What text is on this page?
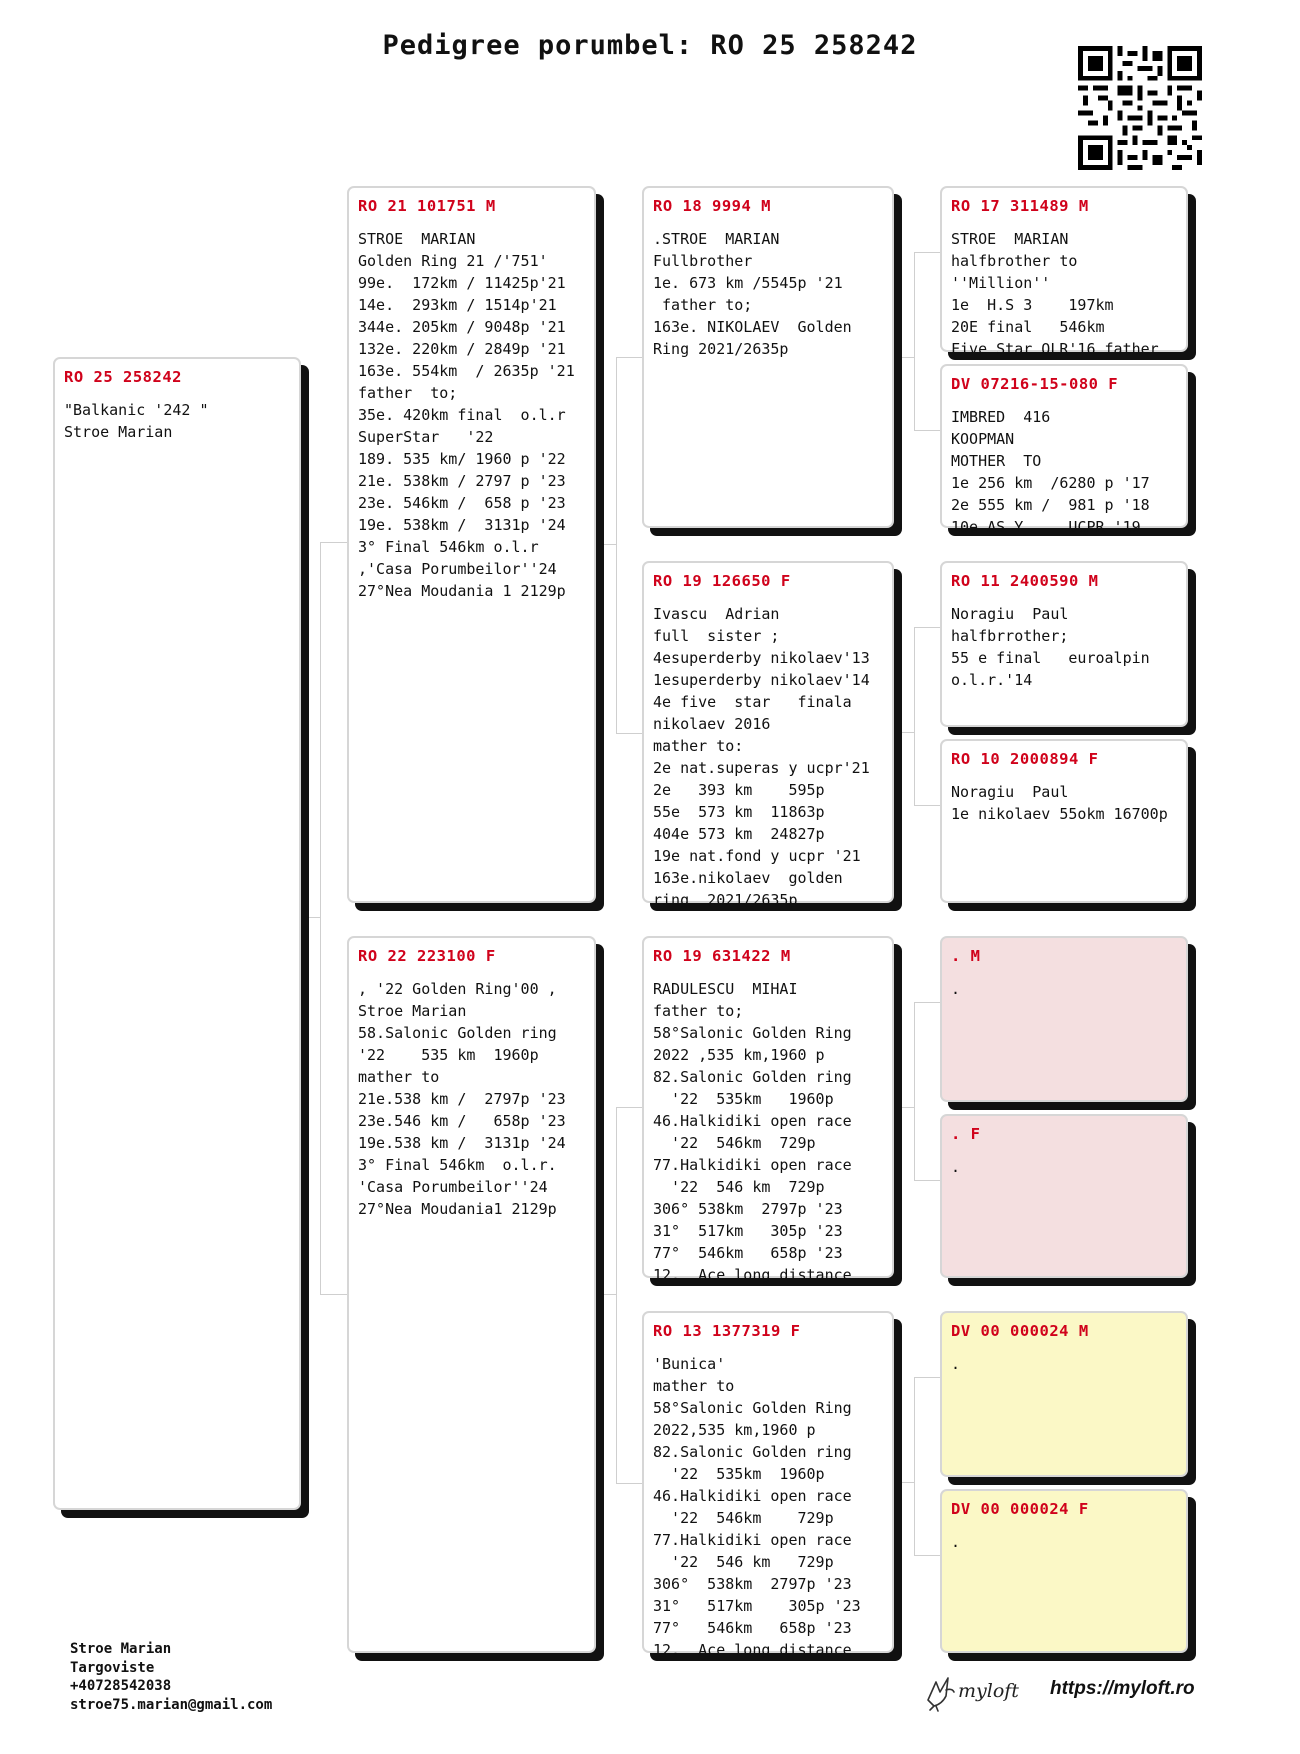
Pedigree porumbel: RO 25 258242
RO 25 258242
"Balkanic '242 "
Stroe Marian
RO 21 101751 M
STROE  MARIAN
Golden Ring 21 /'751'
99e.  172km / 11425p'21
14e.  293km / 1514p'21
344e. 205km / 9048p '21
132e. 220km / 2849p '21
163e. 554km  / 2635p '21
father  to;
35e. 420km final  o.l.r
SuperStar   '22
189. 535 km/ 1960 p '22
21e. 538km / 2797 p '23
23e. 546km /  658 p '23
19e. 538km /  3131p '24
3° Final 546km o.l.r
,'Casa Porumbeilor''24
27°Nea Moudania 1 2129p
RO 22 223100 F
, '22 Golden Ring'00 ,
Stroe Marian
58.Salonic Golden ring
'22    535 km  1960p
mather to
21e.538 km /  2797p '23
23e.546 km /   658p '23
19e.538 km /  3131p '24
3° Final 546km  o.l.r.
'Casa Porumbeilor''24
27°Nea Moudania1 2129p
RO 18 9994 M
.STROE  MARIAN
Fullbrother
1e. 673 km /5545p '21
father to;
163e. NIKOLAEV  Golden
Ring 2021/2635p
RO 19 126650 F
Ivascu  Adrian
full  sister ;
4esuperderby nikolaev'13
1esuperderby nikolaev'14
4e five  star   finala
nikolaev 2016
mather to:
2e nat.superas y ucpr'21
2e   393 km    595p
55e  573 km  11863p
404e 573 km  24827p
19e nat.fond y ucpr '21
163e.nikolaev  golden
ring  2021/2635p
RO 19 631422 M
RADULESCU  MIHAI
father to;
58°Salonic Golden Ring
2022 ,535 km,1960 p
82.Salonic Golden ring
'22  535km   1960p
46.Halkidiki open race
'22  546km  729p
77.Halkidiki open race
'22  546 km  729p
306° 538km  2797p '23
31°  517km   305p '23
77°  546km   658p '23
12.  Ace long distance
RO 13 1377319 F
'Bunica'
mather to
58°Salonic Golden Ring
2022,535 km,1960 p
82.Salonic Golden ring
'22  535km  1960p
46.Halkidiki open race
'22  546km    729p
77.Halkidiki open race
'22  546 km   729p
306°  538km  2797p '23
31°   517km    305p '23
77°   546km   658p '23
12.  Ace long distance
RO 17 311489 M
STROE  MARIAN
halfbrother to
''Million''
1e  H.S 3    197km
20E final   546km
Five Star OLR'16 father
DV 07216-15-080 F
IMBRED  416
KOOPMAN
MOTHER  TO
1e 256 km  /6280 p '17
2e 555 km /  981 p '18
10e AS Y     UCPR '19
RO 11 2400590 M
Noragiu  Paul
halfbrrother;
55 e final   euroalpin
o.l.r.'14
RO 10 2000894 F
Noragiu  Paul
1e nikolaev 55okm 16700p
. M
.
. F
.
DV 00 000024 M
.
DV 00 000024 F
.
Stroe Marian
Targoviste
+40728542038
stroe75.marian@gmail.com
myloft https://myloft.ro
